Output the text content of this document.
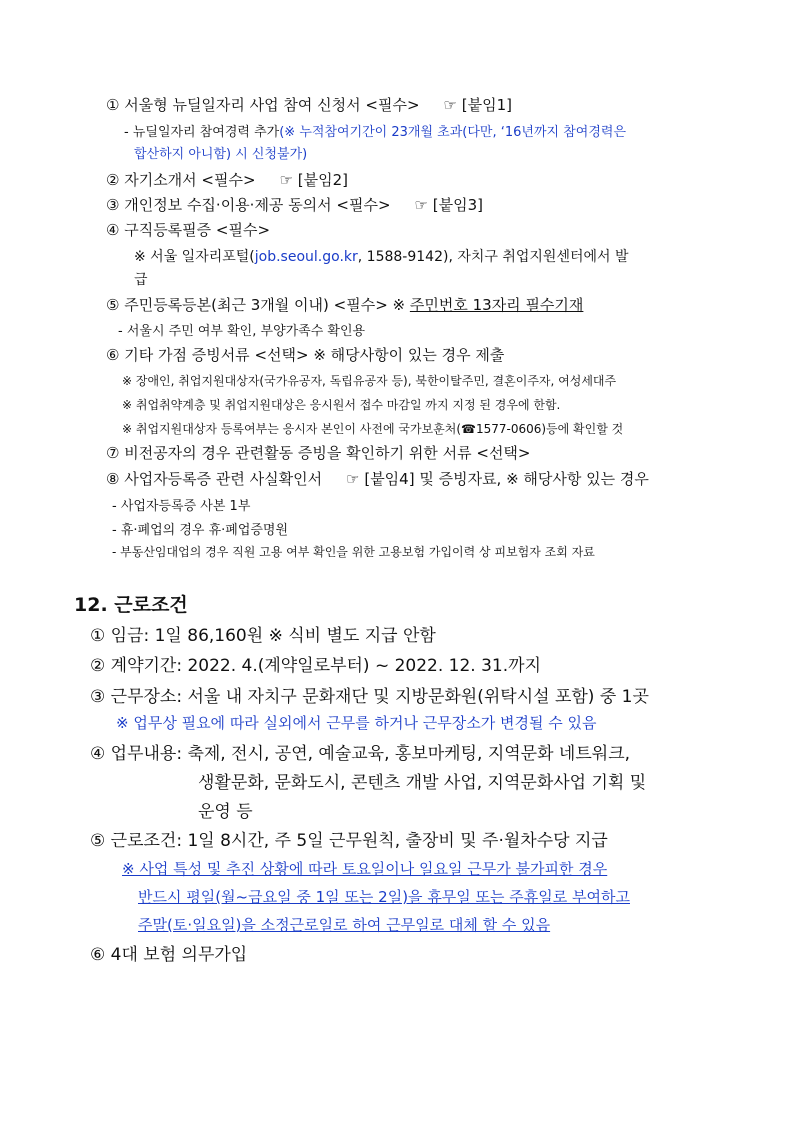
① 서울형 뉴딜일자리 사업 참여 신청서 <필수> ☞ [붙임1]
- 뉴딜일자리 참여경력 추가(※ 누적참여기간이 23개월 초과(다만, ‘16년까지 참여경력은
합산하지 아니함) 시 신청불가)
② 자기소개서 <필수> ☞ [붙임2]
③ 개인정보 수집·이용·제공 동의서 <필수> ☞ [붙임3]
④ 구직등록필증 <필수>
※ 서울 일자리포털(job.seoul.go.kr, 1588-9142), 자치구 취업지원센터에서 발
급
⑤ 주민등록등본(최근 3개월 이내) <필수> ※ 주민번호 13자리 필수기재
- 서울시 주민 여부 확인, 부양가족수 확인용
⑥ 기타 가점 증빙서류 <선택> ※ 해당사항이 있는 경우 제출
※ 장애인, 취업지원대상자(국가유공자, 독립유공자 등), 북한이탈주민, 결혼이주자, 여성세대주
※ 취업취약계층 및 취업지원대상은 응시원서 접수 마감일 까지 지정 된 경우에 한함.
※ 취업지원대상자 등록여부는 응시자 본인이 사전에 국가보훈처(☎1577-0606)등에 확인할 것
⑦ 비전공자의 경우 관련활동 증빙을 확인하기 위한 서류 <선택>
⑧ 사업자등록증 관련 사실확인서 ☞ [붙임4] 및 증빙자료, ※ 해당사항 있는 경우
- 사업자등록증 사본 1부
- 휴·폐업의 경우 휴·폐업증명원
- 부동산임대업의 경우 직원 고용 여부 확인을 위한 고용보험 가입이력 상 피보험자 조회 자료
12. 근로조건
① 임금: 1일 86,160원 ※ 식비 별도 지급 안함
② 계약기간: 2022. 4.(계약일로부터) ~ 2022. 12. 31.까지
③ 근무장소: 서울 내 자치구 문화재단 및 지방문화원(위탁시설 포함) 중 1곳
※ 업무상 필요에 따라 실외에서 근무를 하거나 근무장소가 변경될 수 있음
④ 업무내용: 축제, 전시, 공연, 예술교육, 홍보마케팅, 지역문화 네트워크,
생활문화, 문화도시, 콘텐츠 개발 사업, 지역문화사업 기획 및
운영 등
⑤ 근로조건: 1일 8시간, 주 5일 근무원칙, 출장비 및 주·월차수당 지급
※ 사업 특성 및 추진 상황에 따라 토요일이나 일요일 근무가 불가피한 경우
반드시 평일(월~금요일 중 1일 또는 2일)을 휴무일 또는 주휴일로 부여하고
주말(토·일요일)을 소정근로일로 하여 근무일로 대체 할 수 있음
⑥ 4대 보험 의무가입
